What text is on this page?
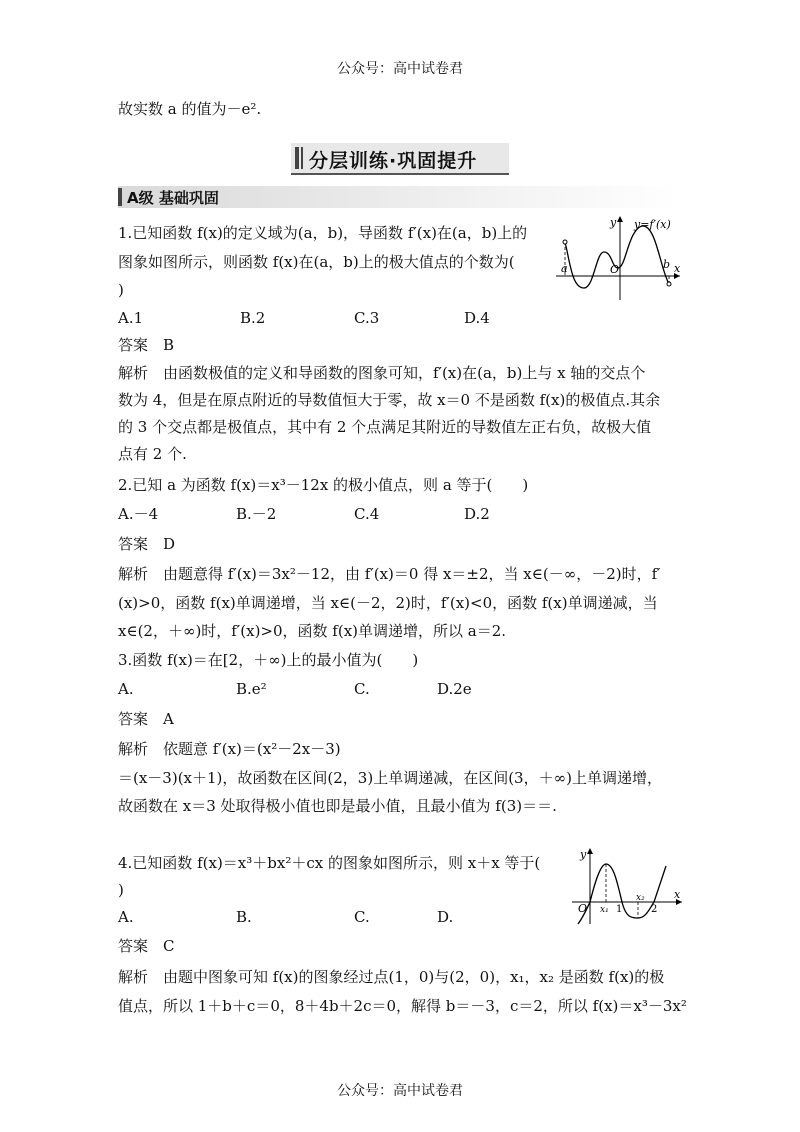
公众号：高中试卷君
故实数 a 的值为－e².
分层训练·巩固提升
A级 基础巩固
1.已知函数 f(x)的定义域为(a，b)，导函数 f′(x)在(a，b)上的
图象如图所示，则函数 f(x)在(a，b)上的极大值点的个数为(
)
y y=f′(x)
a	O	b x
A.1	B.2	C.3	D.4
答案　B
解析　由函数极值的定义和导函数的图象可知，f′(x)在(a，b)上与 x 轴的交点个
数为 4，但是在原点附近的导数值恒大于零，故 x＝0 不是函数 f(x)的极值点.其余
的 3 个交点都是极值点，其中有 2 个点满足其附近的导数值左正右负，故极大值
点有 2 个.
2.已知 a 为函数 f(x)＝x³－12x 的极小值点，则 a 等于(　　)
A.－4	B.－2	C.4	D.2
答案　D
解析　由题意得 f′(x)＝3x²－12，由 f′(x)＝0 得 x＝±2，当 x∈(－∞，－2)时，f′
(x)>0，函数 f(x)单调递增，当 x∈(－2，2)时，f′(x)<0，函数 f(x)单调递减，当
x∈(2，＋∞)时，f′(x)>0，函数 f(x)单调递增，所以 a＝2.
3.函数 f(x)＝在[2，＋∞)上的最小值为(　　)
A.	B.e²	C.	D.2e
答案　A
解析　依题意 f′(x)＝(x²－2x－3)
＝(x－3)(x＋1)，故函数在区间(2，3)上单调递减，在区间(3，＋∞)上单调递增，
故函数在 x＝3 处取得极小值也即是最小值，且最小值为 f(3)＝＝.
4.已知函数 f(x)＝x³＋bx²＋cx 的图象如图所示，则 x＋x 等于(
)
y
O x₁ 1
x₂
2
x
A.	B.	C.	D.
答案　C
解析　由题中图象可知 f(x)的图象经过点(1，0)与(2，0)，x₁，x₂ 是函数 f(x)的极
值点，所以 1＋b＋c＝0，8＋4b＋2c＝0，解得 b＝－3，c＝2，所以 f(x)＝x³－3x²
公众号：高中试卷君
